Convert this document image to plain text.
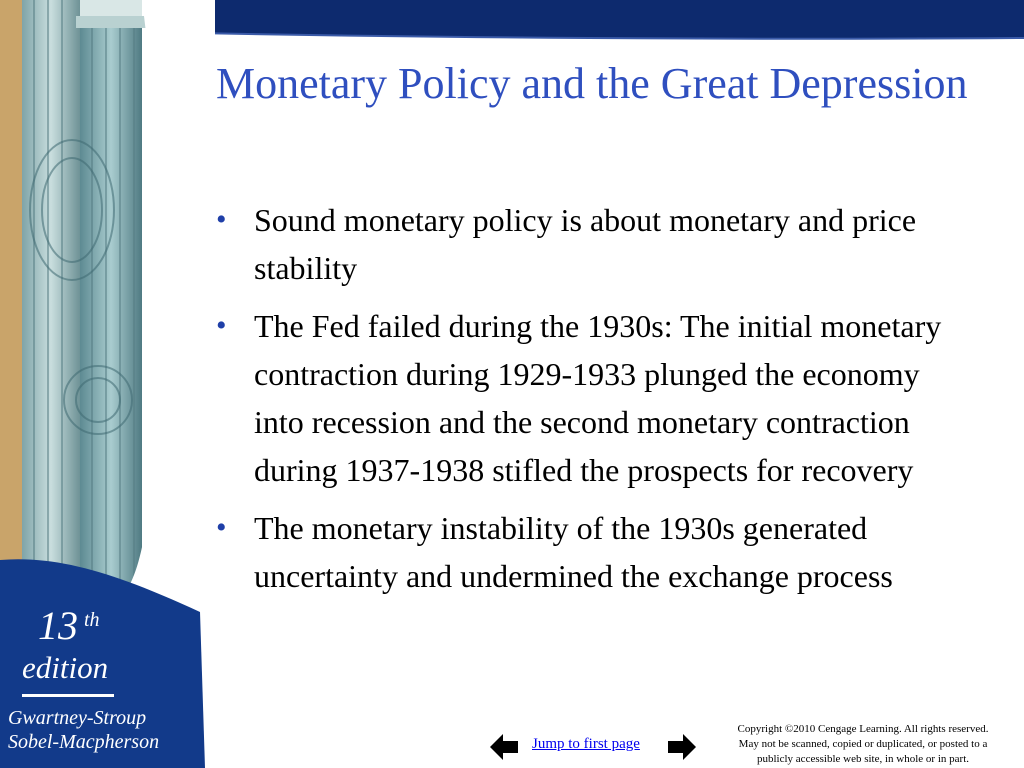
13 th
edition
Gwartney-Stroup
Sobel-Macpherson
Monetary Policy and the Great Depression
• Sound monetary policy is about monetary and price stability
• The Fed failed during the 1930s: The initial monetary contraction during 1929-1933 plunged the economy into recession and the second monetary contraction during 1937-1938 stifled the prospects for recovery
• The monetary instability of the 1930s generated uncertainty and undermined the exchange process
Jump to first page
Copyright ©2010 Cengage Learning. All rights reserved.
May not be scanned, copied or duplicated, or posted to a
publicly accessible web site, in whole or in part.
